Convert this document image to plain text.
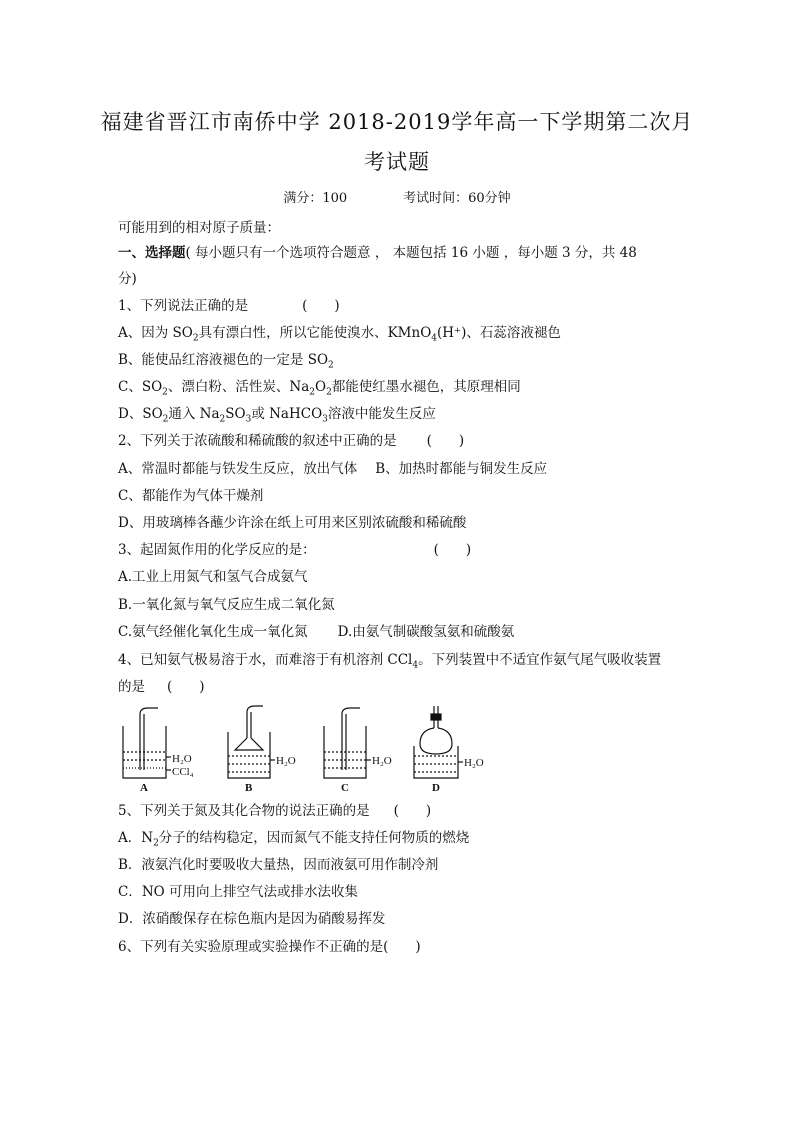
福建省晋江市南侨中学 2018-2019学年高一下学期第二次月
考试题
满分：100	考试时间：60分钟
可能用到的相对原子质量：
一、选择题( 每小题只有一个选项符合题意 ， 本题包括 16 小题 ，每小题 3 分，共 48
分)
1、下列说法正确的是	(　　)
A、因为 $SO_2$具有漂白性，所以它能使溴水、KMnO$_4$(H⁺)、石蕊溶液褪色
B、能使品红溶液褪色的一定是 $SO_2$
C、$SO_2$、漂白粉、活性炭、$Na_2O_2$都能使红墨水褪色，其原理相同
D、$SO_2$通入 $Na_2SO_3$或 NaHCO$_3$溶液中能发生反应
2、下列关于浓硫酸和稀硫酸的叙述中正确的是 (　　)
A、常温时都能与铁发生反应，放出气体 B、加热时都能与铜发生反应
C、都能作为气体干燥剂
D、用玻璃棒各蘸少许涂在纸上可用来区别浓硫酸和稀硫酸
3、起固氮作用的化学反应的是：	(　　)
A.工业上用氮气和氢气合成氨气
B.一氧化氮与氧气反应生成二氧化氮
C.氨气经催化氧化生成一氧化氮 D.由氨气制碳酸氢氨和硫酸氨
4、已知氨气极易溶于水，而难溶于有机溶剂 CCl$_4$。下列装置中不适宜作氨气尾气吸收装置
的是 (　　)
H₂O
CCl₄
H₂O	H₂O	H₂O
A	B	C	D
5、下列关于氮及其化合物的说法正确的是 (　　)
A．$N_2$分子的结构稳定，因而氮气不能支持任何物质的燃烧
B．液氨汽化时要吸收大量热，因而液氨可用作制冷剂
C．NO 可用向上排空气法或排水法收集
D．浓硝酸保存在棕色瓶内是因为硝酸易挥发
6、下列有关实验原理或实验操作不正确的是(　　)
